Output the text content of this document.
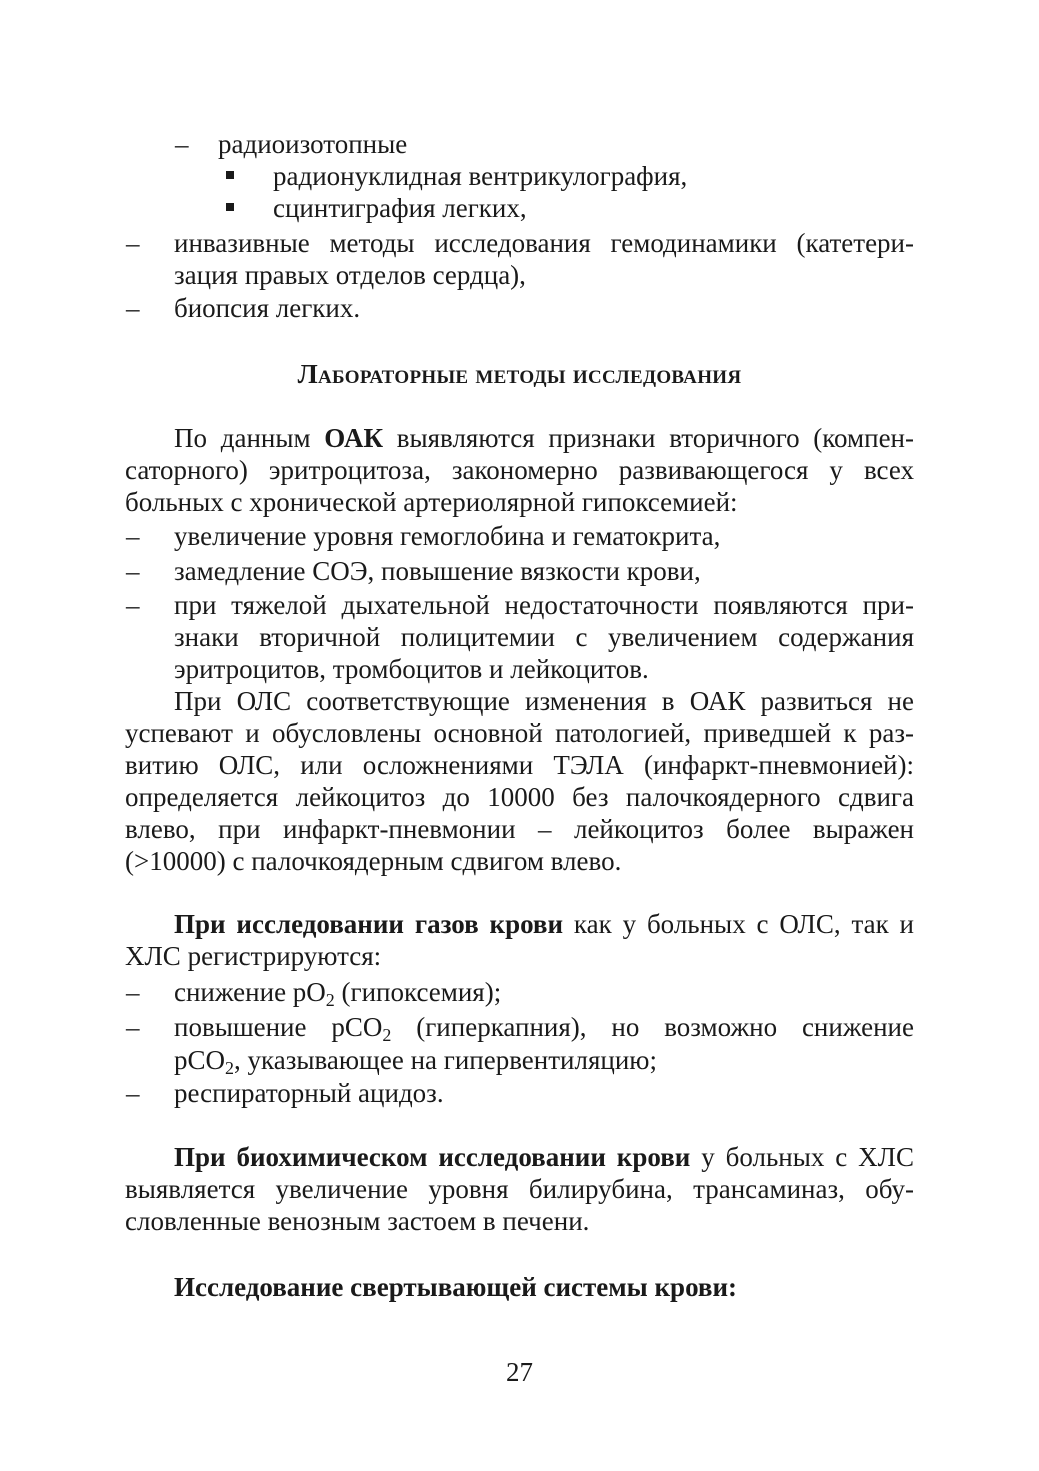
– радиоизотопные
радионуклидная вентрикулография,
сцинтиграфия легких,
– инвазивные методы исследования гемодинамики (катетери-
зация правых отделов сердца),
– биопсия легких.
Лабораторные методы исследования
По данным ОАК выявляются признаки вторичного (компен-
саторного) эритроцитоза, закономерно развивающегося у всех
больных с хронической артериолярной гипоксемией:
– увеличение уровня гемоглобина и гематокрита,
– замедление СОЭ, повышение вязкости крови,
– при тяжелой дыхательной недостаточности появляются при-
знаки вторичной полицитемии с увеличением содержания
эритроцитов, тромбоцитов и лейкоцитов.
При ОЛС соответствующие изменения в ОАК развиться не
успевают и обусловлены основной патологией, приведшей к раз-
витию ОЛС, или осложнениями ТЭЛА (инфаркт-пневмонией):
определяется лейкоцитоз до 10000 без палочкоядерного сдвига
влево, при инфаркт-пневмонии – лейкоцитоз более выражен
(>10000) с палочкоядерным сдвигом влево.
При исследовании газов крови как у больных с ОЛС, так и
ХЛС регистрируются:
– снижение $pO_2$ (гипоксемия);
– повышение pCO$_2$ (гиперкапния), но возможно снижение
pCO$_2$, указывающее на гипервентиляцию;
– респираторный ацидоз.
При биохимическом исследовании крови у больных с ХЛС
выявляется увеличение уровня билирубина, трансаминаз, обу-
словленные венозным застоем в печени.
Исследование свертывающей системы крови:
27
